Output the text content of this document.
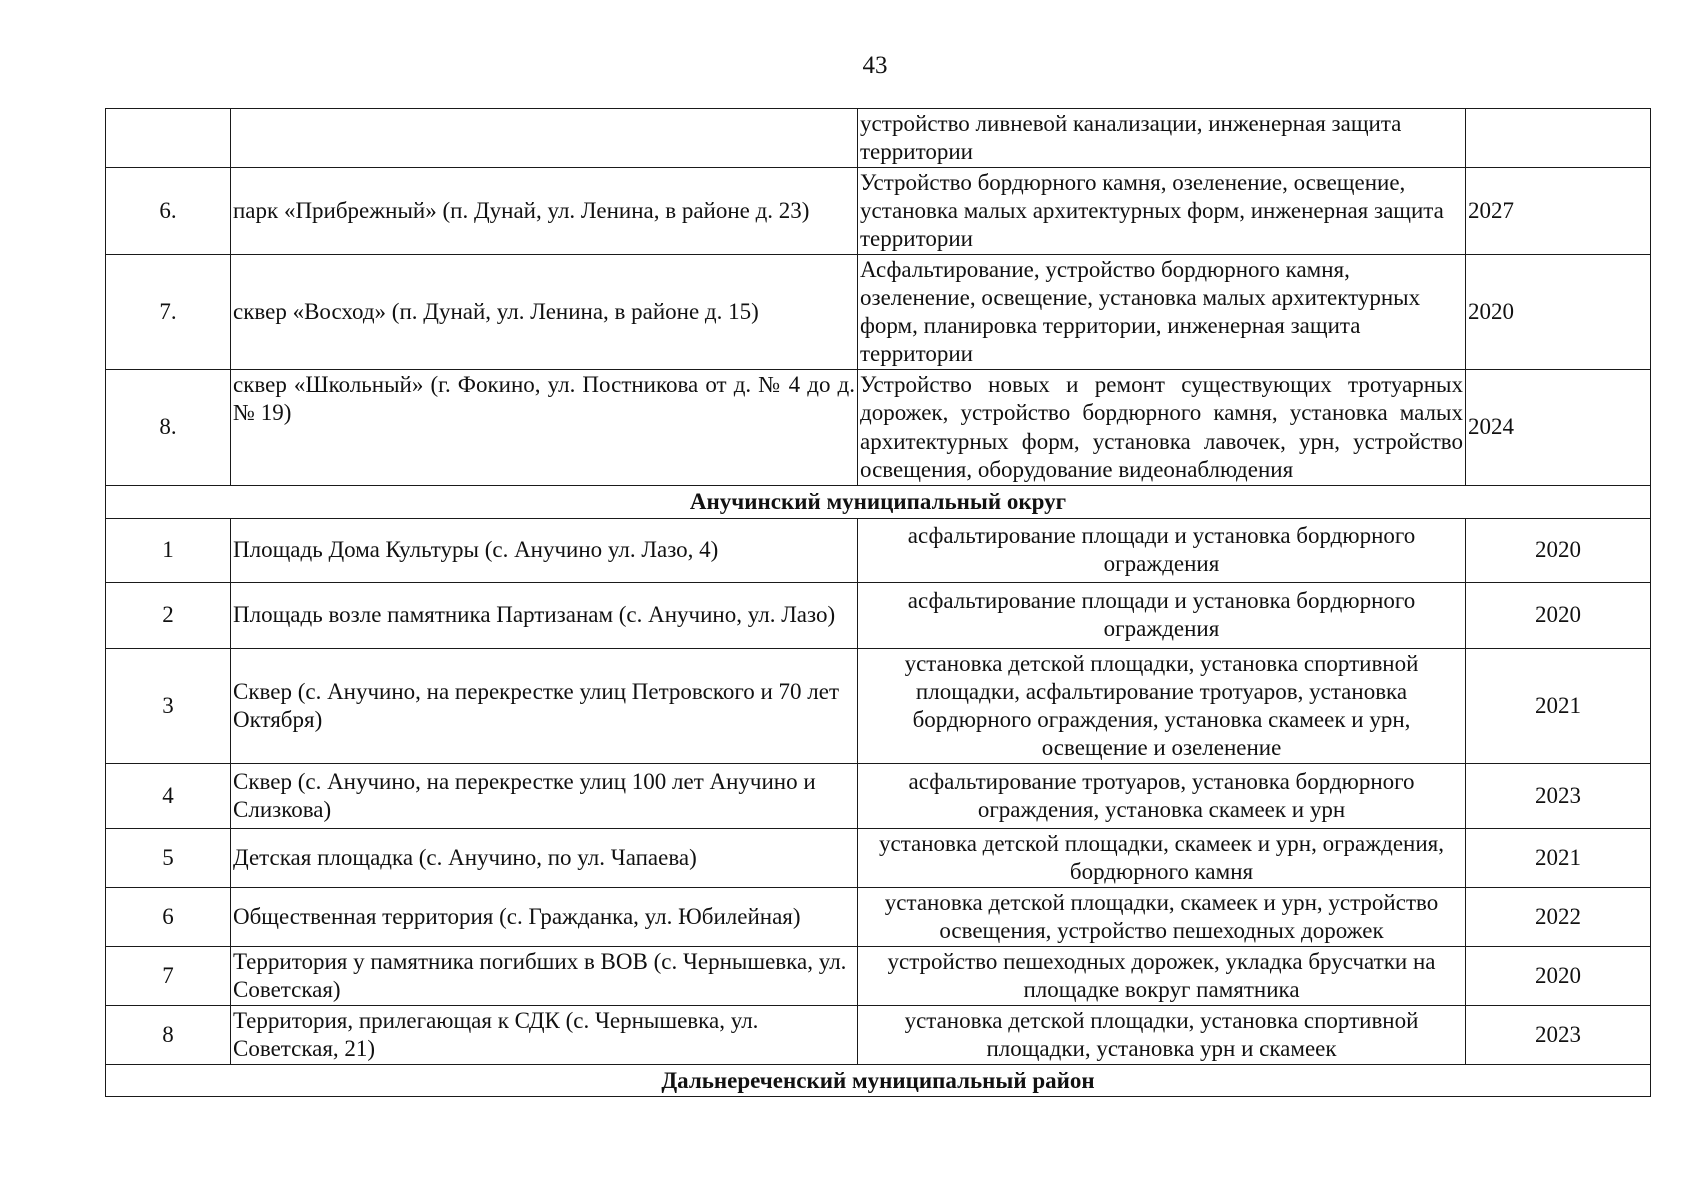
43
		устройство ливневой канализации, инженерная защита территории	
6.	парк «Прибрежный» (п. Дунай, ул. Ленина, в районе д. 23)	Устройство бордюрного камня, озеленение, освещение, установка малых архитектурных форм, инженерная защита территории	2027
7.	сквер «Восход» (п. Дунай, ул. Ленина, в районе д. 15)	Асфальтирование, устройство бордюрного камня, озеленение, освещение, установка малых архитектурных форм, планировка территории, инженерная защита территории	2020
8.	сквер «Школьный» (г. Фокино, ул. Постникова от д. № 4 до д. № 19)	Устройство новых и ремонт существующих тротуарных дорожек, устройство бордюрного камня, установка малых архитектурных форм, установка лавочек, урн, устройство освещения, оборудование видеонаблюдения	2024
Анучинский муниципальный округ			
1	Площадь Дома Культуры (с. Анучино ул. Лазо, 4)	асфальтирование площади и установка бордюрного ограждения	2020
2	Площадь возле памятника Партизанам (с. Анучино, ул. Лазо)	асфальтирование площади и установка бордюрного ограждения	2020
3	Сквер (с. Анучино, на перекрестке улиц Петровского и 70 лет Октября)	установка детской площадки, установка спортивной площадки, асфальтирование тротуаров, установка бордюрного ограждения, установка скамеек и урн, освещение и озеленение	2021
4	Сквер (с. Анучино, на перекрестке улиц 100 лет Анучино и Слизкова)	асфальтирование тротуаров, установка бордюрного ограждения, установка скамеек и урн	2023
5	Детская площадка (с. Анучино, по ул. Чапаева)	установка детской площадки, скамеек и урн, ограждения, бордюрного камня	2021
6	Общественная территория (с. Гражданка, ул. Юбилейная)	установка детской площадки, скамеек и урн, устройство освещения, устройство пешеходных дорожек	2022
7	Территория у памятника погибших в ВОВ (с. Чернышевка, ул. Советская)	устройство пешеходных дорожек, укладка брусчатки на площадке вокруг памятника	2020
8	Территория, прилегающая к СДК (с. Чернышевка, ул. Советская, 21)	установка детской площадки, установка спортивной площадки, установка урн и скамеек	2023
Дальнереченский муниципальный район			
